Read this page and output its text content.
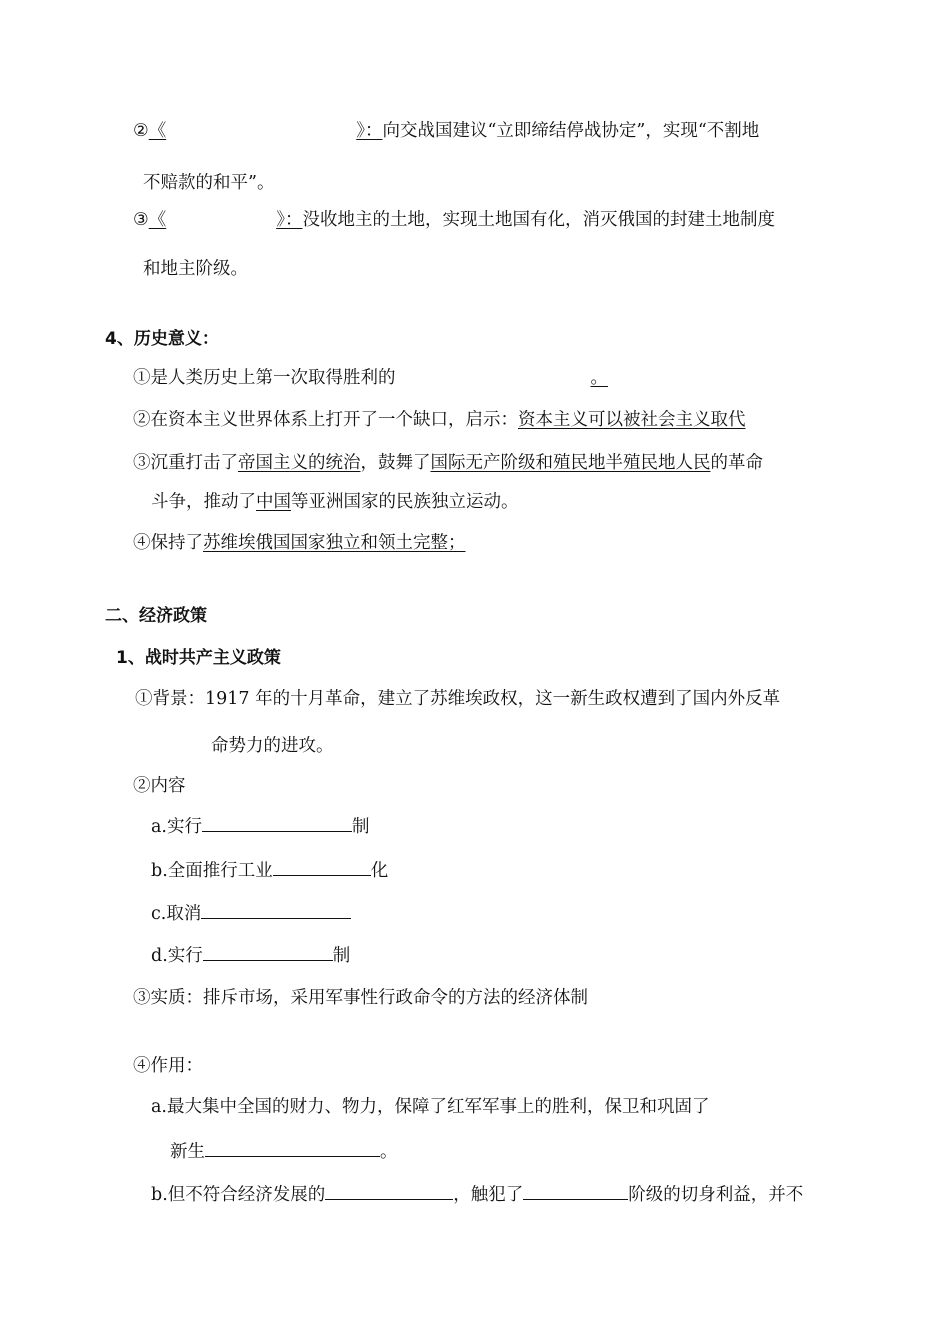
②《	》：向交战国建议“立即缔结停战协定”，实现“不割地
不赔款的和平”。
③《	》：没收地主的土地，实现土地国有化，消灭俄国的封建土地制度
和地主阶级。
4、历史意义：
①是人类历史上第一次取得胜利的	。
②在资本主义世界体系上打开了一个缺口，启示：资本主义可以被社会主义取代
③沉重打击了帝国主义的统治，鼓舞了国际无产阶级和殖民地半殖民地人民的革命
斗争，推动了中国等亚洲国家的民族独立运动。
④保持了苏维埃俄国国家独立和领土完整；
二、经济政策
1、战时共产主义政策
①背景：1917 年的十月革命，建立了苏维埃政权，这一新生政权遭到了国内外反革
命势力的进攻。
②内容
a.实行	制
b.全面推行工业	化
c.取消
d.实行	制
③实质：排斥市场，采用军事性行政命令的方法的经济体制
④作用：
a.最大集中全国的财力、物力，保障了红军军事上的胜利，保卫和巩固了
新生	。
b.但不符合经济发展的	，触犯了	阶级的切身利益，并不
